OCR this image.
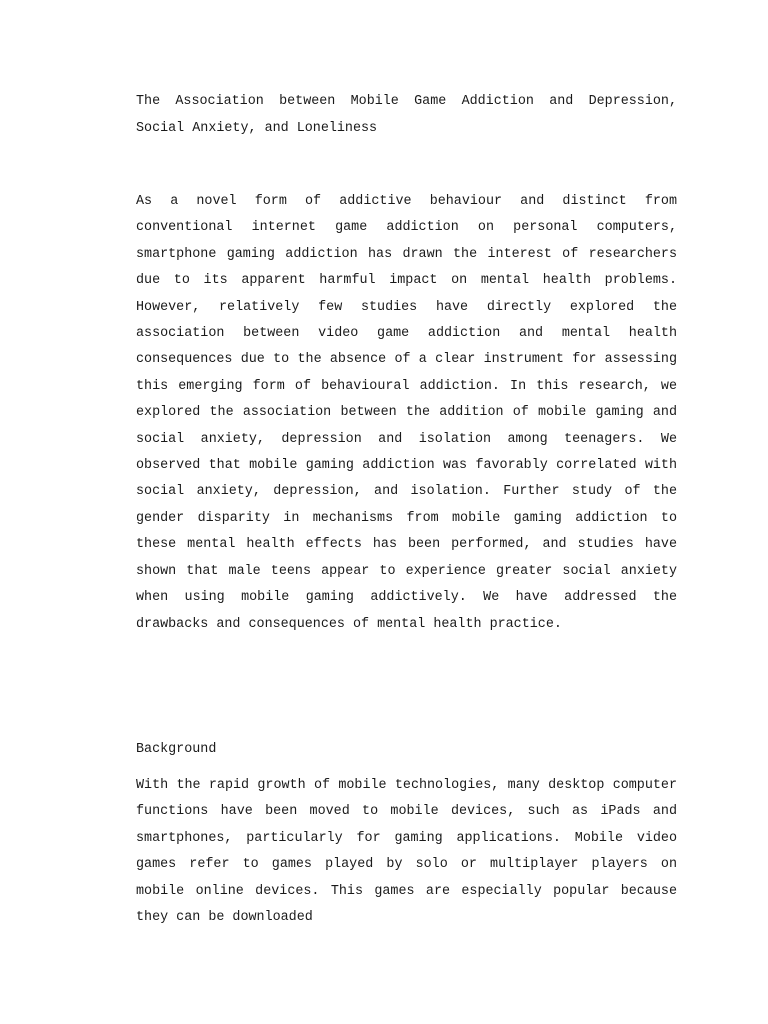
The Association between Mobile Game Addiction and Depression, Social Anxiety, and Loneliness

As a novel form of addictive behaviour and distinct from conventional internet game addiction on personal computers, smartphone gaming addiction has drawn the interest of researchers due to its apparent harmful impact on mental health problems. However, relatively few studies have directly explored the association between video game addiction and mental health consequences due to the absence of a clear instrument for assessing this emerging form of behavioural addiction. In this research, we explored the association between the addition of mobile gaming and social anxiety, depression and isolation among teenagers. We observed that mobile gaming addiction was favorably correlated with social anxiety, depression, and isolation. Further study of the gender disparity in mechanisms from mobile gaming addiction to these mental health effects has been performed, and studies have shown that male teens appear to experience greater social anxiety when using mobile gaming addictively. We have addressed the drawbacks and consequences of mental health practice.

Background

With the rapid growth of mobile technologies, many desktop computer functions have been moved to mobile devices, such as iPads and smartphones, particularly for gaming applications. Mobile video games refer to games played by solo or multiplayer players on mobile online devices. This games are especially popular because they can be downloaded
